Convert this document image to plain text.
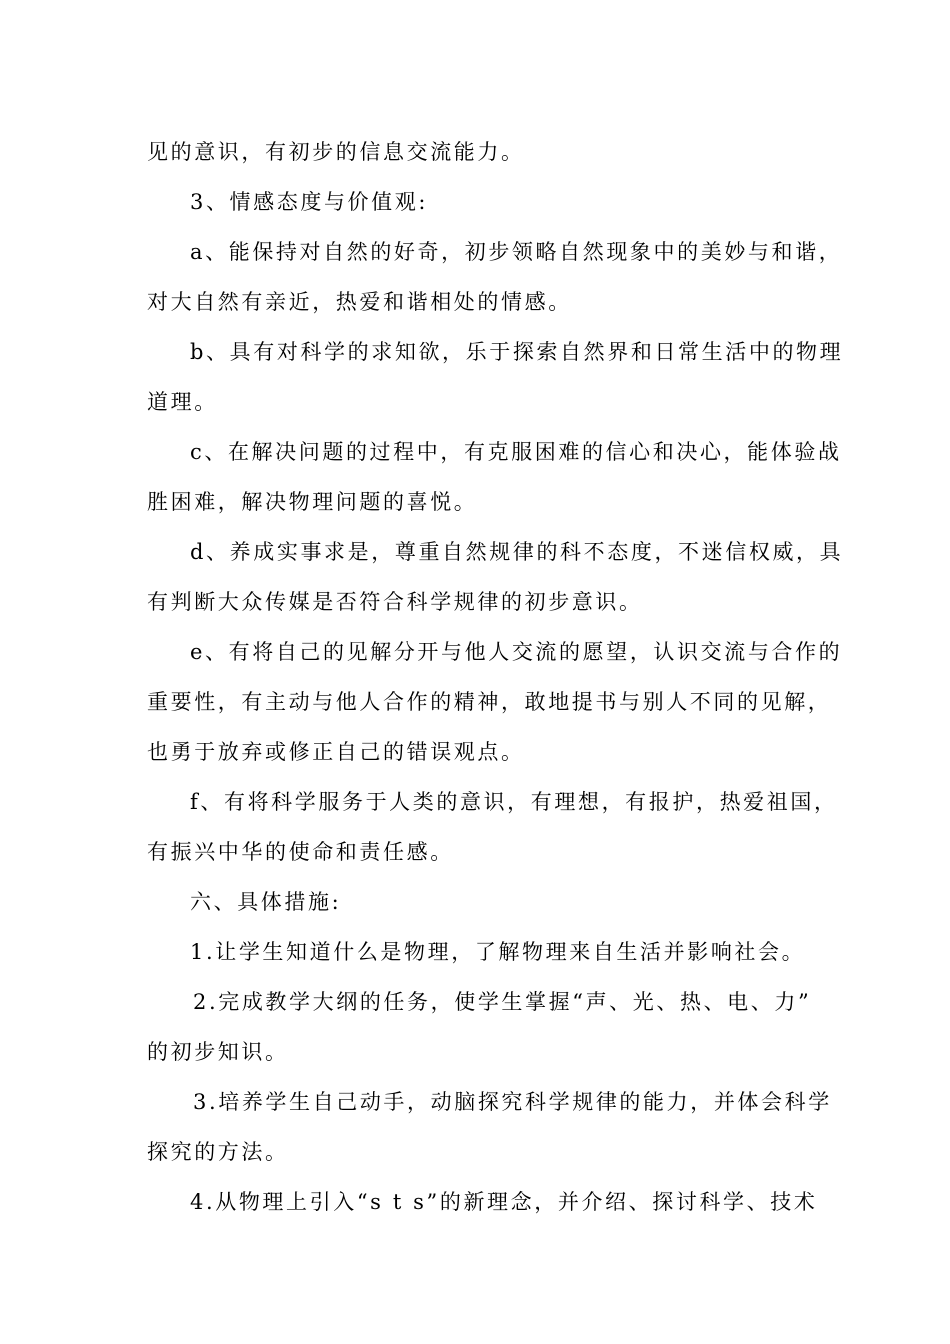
见的意识，有初步的信息交流能力。
3、情感态度与价值观:
a、能保持对自然的好奇，初步领略自然现象中的美妙与和谐，
对大自然有亲近，热爱和谐相处的情感。
b、具有对科学的求知欲，乐于探索自然界和日常生活中的物理
道理。
c、在解决问题的过程中，有克服困难的信心和决心，能体验战
胜困难，解决物理问题的喜悦。
d、养成实事求是，尊重自然规律的科不态度，不迷信权威，具
有判断大众传媒是否符合科学规律的初步意识。
e、有将自己的见解分开与他人交流的愿望，认识交流与合作的
重要性，有主动与他人合作的精神，敢地提书与别人不同的见解，
也勇于放弃或修正自己的错误观点。
f、有将科学服务于人类的意识，有理想，有报护，热爱祖国，
有振兴中华的使命和责任感。
六、具体措施:
1.让学生知道什么是物理，了解物理来自生活并影响社会。
2.完成教学大纲的任务，使学生掌握“声、光、热、电、力”
的初步知识。
3.培养学生自己动手，动脑探究科学规律的能力，并体会科学
探究的方法。
4.从物理上引入“s t s”的新理念，并介绍、探讨科学、技术
